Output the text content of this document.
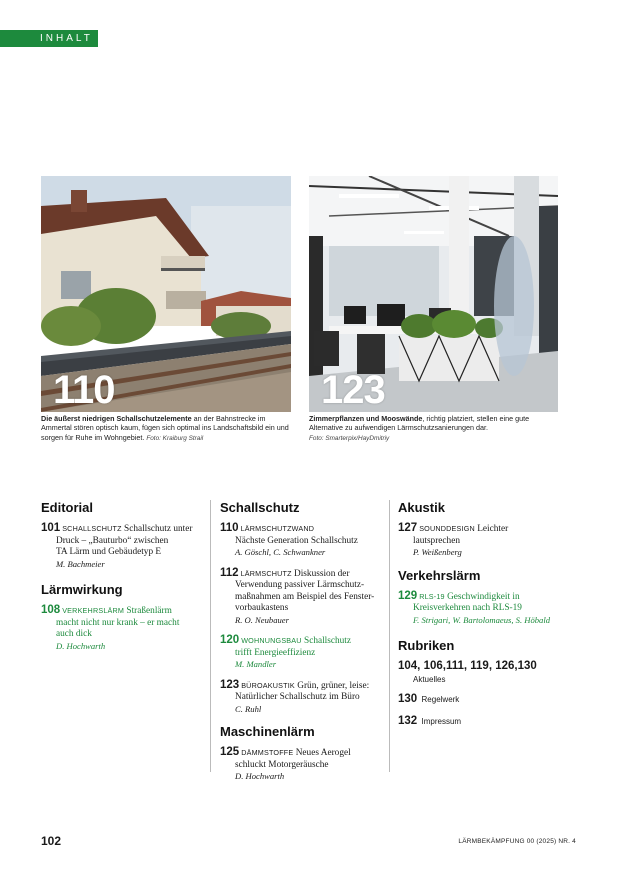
INHALT
110	123
Die äußerst niedrigen Schallschutzelemente an der Bahnstrecke im Ammertal stören optisch kaum, fügen sich optimal ins Landschaftsbild ein und sorgen für Ruhe im Wohngebiet. Foto: Kraiburg Strail
Zimmerpflanzen und Mooswände, richtig platziert, stellen eine gute Alternative zu aufwendigen Lärmschutzsanierungen dar.
Foto: Smarterpix/HayDmitriy
Editorial
101 SCHALLSCHUTZ Schallschutz unter
Druck – „Bauturbo“ zwischen
TA Lärm und Gebäudetyp E
M. Bachmeier
Lärmwirkung
108 VERKEHRSLÄRM Straßenlärm
macht nicht nur krank – er macht
auch dick
D. Hochwarth
Schallschutz
110 LÄRMSCHUTZWAND
Nächste Generation Schallschutz
A. Göschl, C. Schwankner
112 LÄRMSCHUTZ Diskussion der
Verwendung passiver Lärmschutz-
maßnahmen am Beispiel des Fenster-
vorbaukastens
R. O. Neubauer
120 WOHNUNGSBAU Schallschutz
trifft Energieeffizienz
M. Mandler
123 BÜROAKUSTIK Grün, grüner, leise:
Natürlicher Schallschutz im Büro
C. Ruhl
Maschinenlärm
125 DÄMMSTOFFE Neues Aerogel
schluckt Motorgeräusche
D. Hochwarth
Akustik
127 SOUNDDESIGN Leichter
lautsprechen
P. Weißenberg
Verkehrslärm
129 RLS-19 Geschwindigkeit in
Kreisverkehren nach RLS-19
F. Strigari, W. Bartolomaeus, S. Höbald
Rubriken
104, 106,111, 119, 126,130
Aktuelles
130 Regelwerk
132 Impressum
102	LÄRMBEKÄMPFUNG 00 (2025) NR. 4
